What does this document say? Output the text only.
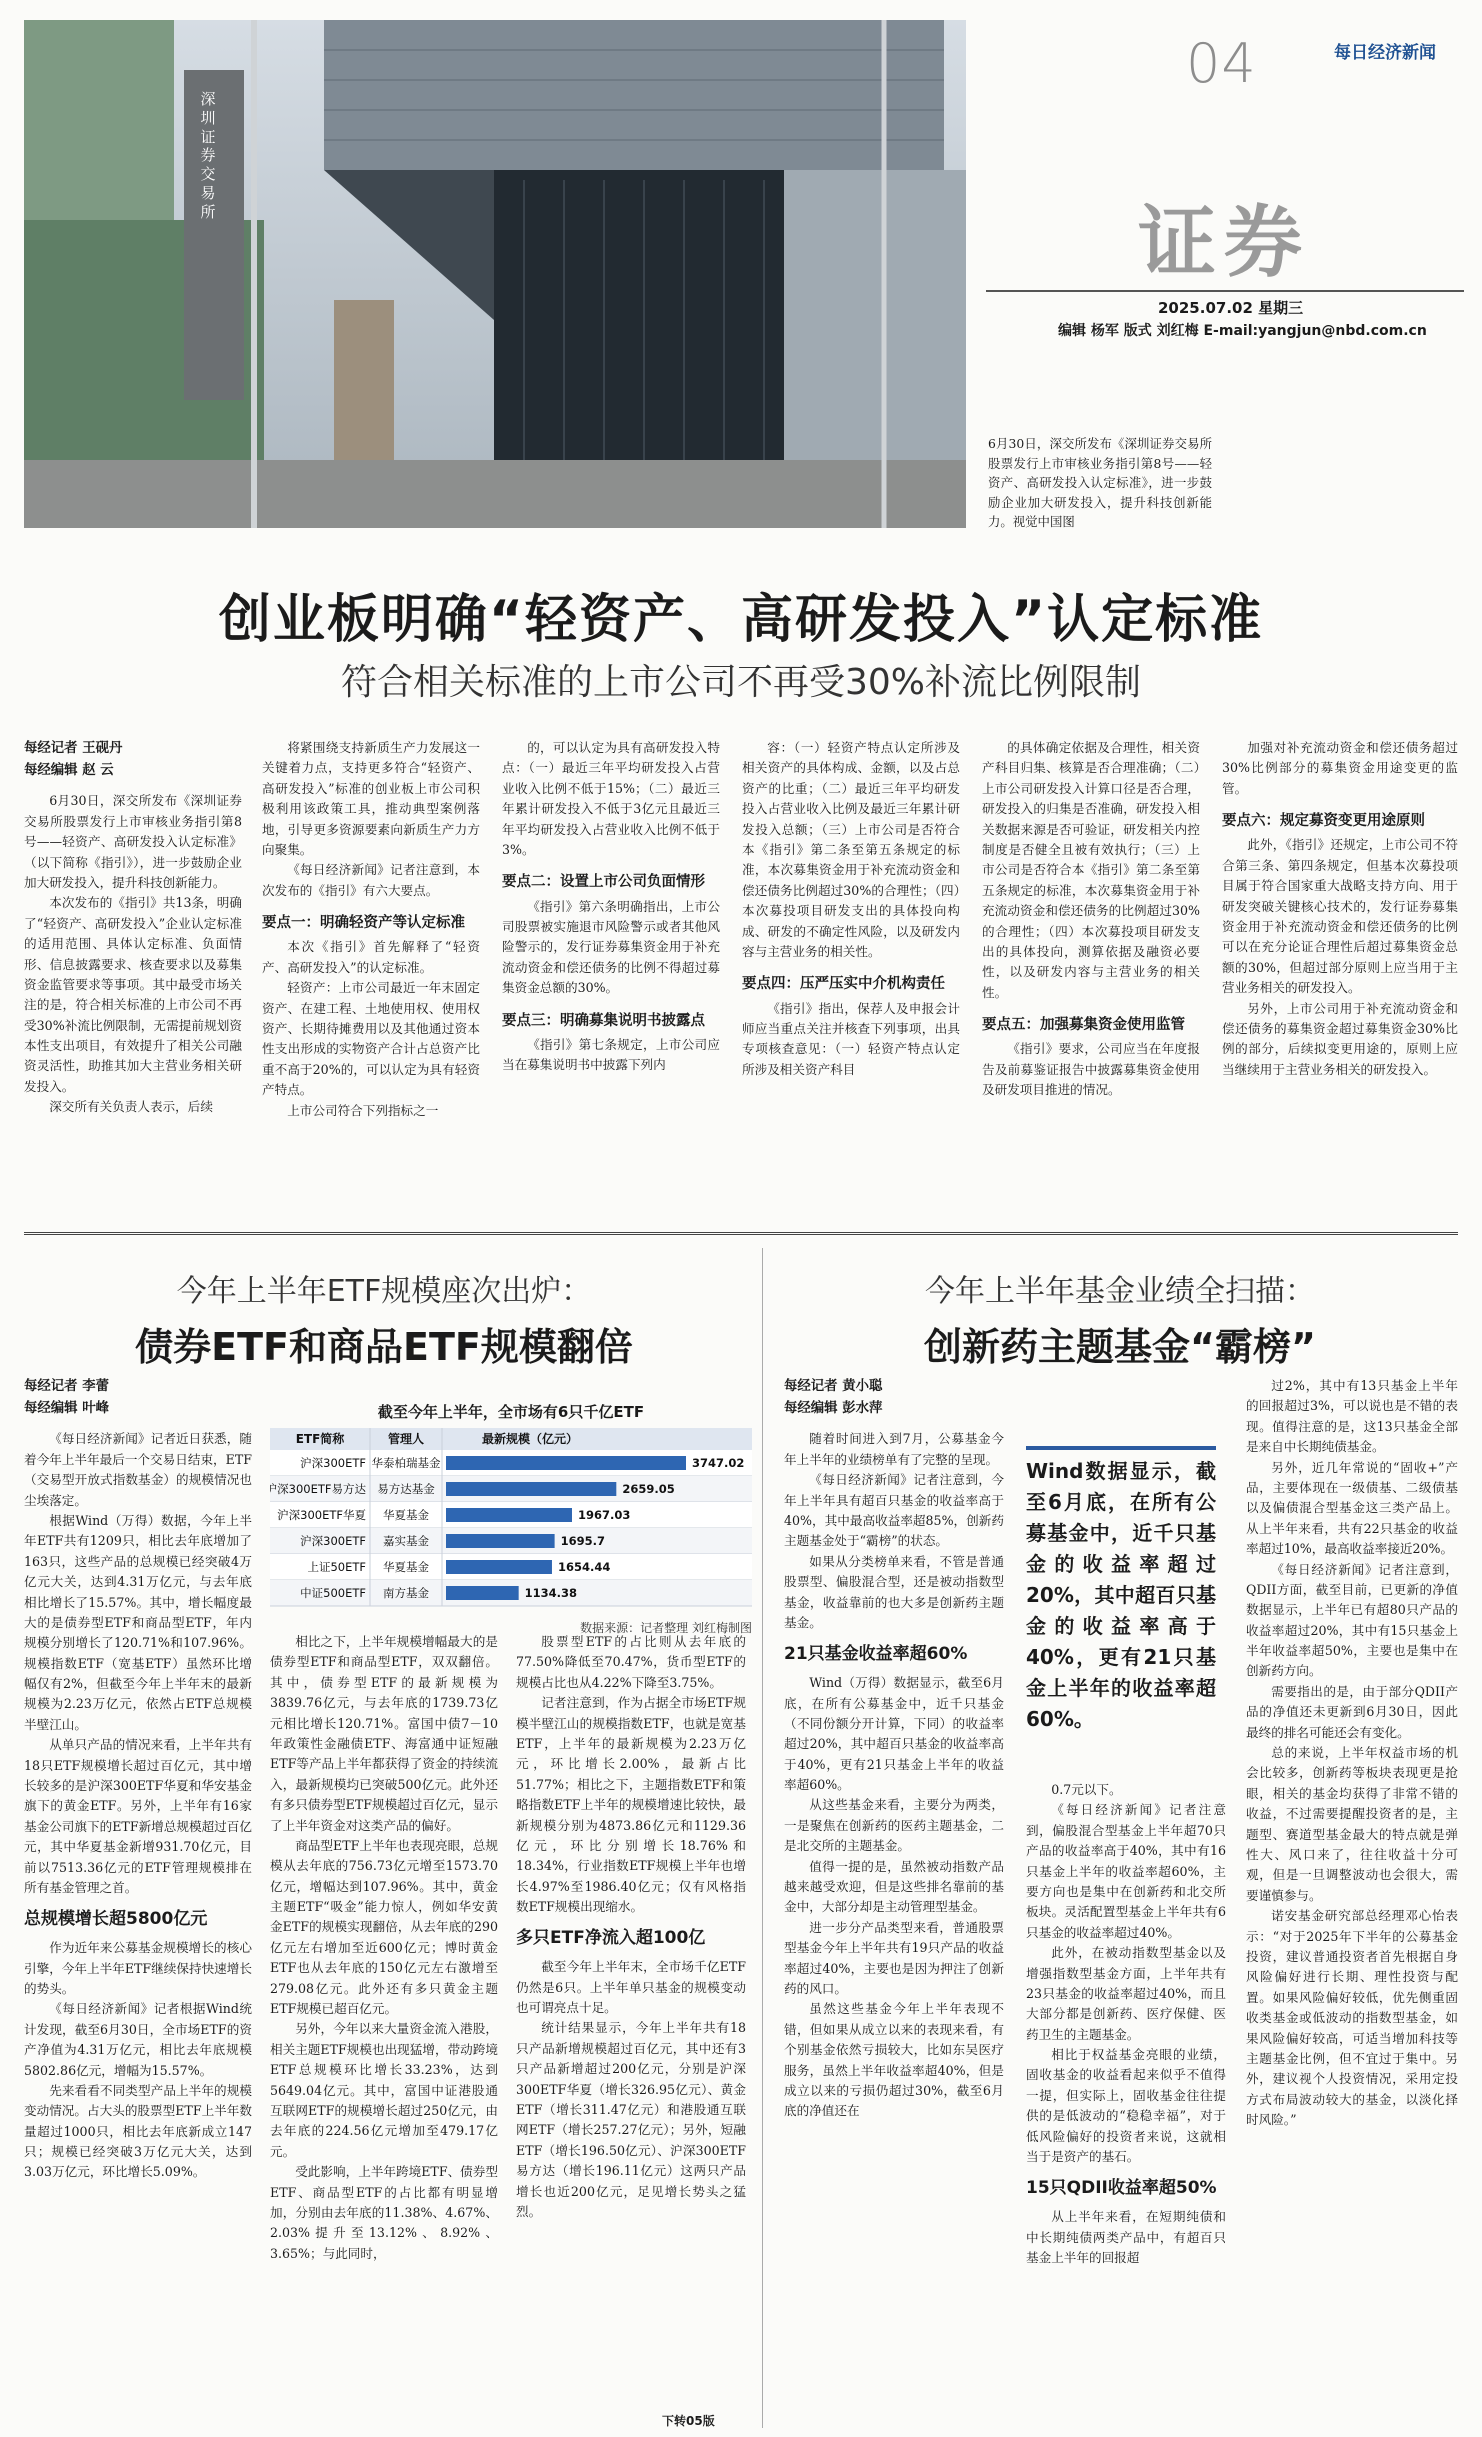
深圳证券交易所
04	每日经济新闻
证券
2025.07.02 星期三
编辑 杨军 版式 刘红梅 E-mail:yangjun@nbd.com.cn
6月30日，深交所发布《深圳证券交易所股票发行上市审核业务指引第8号——轻资产、高研发投入认定标准》，进一步鼓励企业加大研发投入，提升科技创新能力。视觉中国图
创业板明确“轻资产、高研发投入”认定标准
符合相关标准的上市公司不再受30%补流比例限制
每经记者 王砚丹
每经编辑 赵 云

6月30日，深交所发布《深圳证券交易所股票发行上市审核业务指引第8号——轻资产、高研发投入认定标准》（以下简称《指引》），进一步鼓励企业加大研发投入，提升科技创新能力。

本次发布的《指引》共13条，明确了“轻资产、高研发投入”企业认定标准的适用范围、具体认定标准、负面情形、信息披露要求、核查要求以及募集资金监管要求等事项。其中最受市场关注的是，符合相关标准的上市公司不再受30%补流比例限制，无需提前规划资本性支出项目，有效提升了相关公司融资灵活性，助推其加大主营业务相关研发投入。

深交所有关负责人表示，后续

将紧围绕支持新质生产力发展这一关键着力点，支持更多符合“轻资产、高研发投入”标准的创业板上市公司积极利用该政策工具，推动典型案例落地，引导更多资源要素向新质生产力方向聚集。

《每日经济新闻》记者注意到，本次发布的《指引》有六大要点。

要点一：明确轻资产等认定标准

本次《指引》首先解释了“轻资产、高研发投入”的认定标准。

轻资产：上市公司最近一年末固定资产、在建工程、土地使用权、使用权资产、长期待摊费用以及其他通过资本性支出形成的实物资产合计占总资产比重不高于20%的，可以认定为具有轻资产特点。

上市公司符合下列指标之一

的，可以认定为具有高研发投入特点：（一）最近三年平均研发投入占营业收入比例不低于15%；（二）最近三年累计研发投入不低于3亿元且最近三年平均研发投入占营业收入比例不低于3%。

要点二：设置上市公司负面情形

《指引》第六条明确指出，上市公司股票被实施退市风险警示或者其他风险警示的，发行证券募集资金用于补充流动资金和偿还债务的比例不得超过募集资金总额的30%。

要点三：明确募集说明书披露点

《指引》第七条规定，上市公司应当在募集说明书中披露下列内

容：（一）轻资产特点认定所涉及相关资产的具体构成、金额，以及占总资产的比重；（二）最近三年平均研发投入占营业收入比例及最近三年累计研发投入总额；（三）上市公司是否符合本《指引》第二条至第五条规定的标准，本次募集资金用于补充流动资金和偿还债务比例超过30%的合理性；（四）本次募投项目研发支出的具体投向构成、研发的不确定性风险，以及研发内容与主营业务的相关性。

要点四：压严压实中介机构责任

《指引》指出，保荐人及申报会计师应当重点关注并核查下列事项，出具专项核查意见：（一）轻资产特点认定所涉及相关资产科目

的具体确定依据及合理性，相关资产科目归集、核算是否合理准确；（二）上市公司研发投入计算口径是否合理，研发投入的归集是否准确，研发投入相关数据来源是否可验证，研发相关内控制度是否健全且被有效执行；（三）上市公司是否符合本《指引》第二条至第五条规定的标准，本次募集资金用于补充流动资金和偿还债务的比例超过30%的合理性；（四）本次募投项目研发支出的具体投向，测算依据及融资必要性，以及研发内容与主营业务的相关性。

要点五：加强募集资金使用监管

《指引》要求，公司应当在年度报告及前募鉴证报告中披露募集资金使用及研发项目推进的情况。

加强对补充流动资金和偿还债务超过30%比例部分的募集资金用途变更的监管。

要点六：规定募资变更用途原则

此外，《指引》还规定，上市公司不符合第三条、第四条规定，但基本次募投项目属于符合国家重大战略支持方向、用于研发突破关键核心技术的，发行证券募集资金用于补充流动资金和偿还债务的比例可以在充分论证合理性后超过募集资金总额的30%，但超过部分原则上应当用于主营业务相关的研发投入。

另外，上市公司用于补充流动资金和偿还债务的募集资金超过募集资金30%比例的部分，后续拟变更用途的，原则上应当继续用于主营业务相关的研发投入。

今年上半年ETF规模座次出炉：
债券ETF和商品ETF规模翻倍
每经记者 李蕾
每经编辑 叶峰

《每日经济新闻》记者近日获悉，随着今年上半年最后一个交易日结束，ETF（交易型开放式指数基金）的规模情况也尘埃落定。

根据Wind（万得）数据，今年上半年ETF共有1209只，相比去年底增加了163只，这些产品的总规模已经突破4万亿元大关，达到4.31万亿元，与去年底相比增长了15.57%。其中，增长幅度最大的是债券型ETF和商品型ETF，年内规模分别增长了120.71%和107.96%。规模指数ETF（宽基ETF）虽然环比增幅仅有2%，但截至今年上半年末的最新规模为2.23万亿元，依然占ETF总规模半壁江山。

从单只产品的情况来看，上半年共有18只ETF规模增长超过百亿元，其中增长较多的是沪深300ETF华夏和华安基金旗下的黄金ETF。另外，上半年有16家基金公司旗下的ETF新增总规模超过百亿元，其中华夏基金新增931.70亿元，目前以7513.36亿元的ETF管理规模排在所有基金管理之首。

总规模增长超5800亿元

作为近年来公募基金规模增长的核心引擎，今年上半年ETF继续保持快速增长的势头。

《每日经济新闻》记者根据Wind统计发现，截至6月30日，全市场ETF的资产净值为4.31万亿元，相比去年底规模5802.86亿元，增幅为15.57%。

先来看看不同类型产品上半年的规模变动情况。占大头的股票型ETF上半年数量超过1000只，相比去年底新成立147只；规模已经突破3万亿元大关，达到3.03万亿元，环比增长5.09%。

截至今年上半年，全市场有6只千亿ETF
ETF简称	管理人	最新规模（亿元）
沪深300ETF 华泰柏瑞基金	3747.02
沪深300ETF易方达 易方达基金	2659.05
沪深300ETF华夏 华夏基金	1967.03
沪深300ETF 嘉实基金	1695.7
上证50ETF 华夏基金	1654.44
中证500ETF 南方基金	1134.38
数据来源：记者整理 刘红梅制图

相比之下，上半年规模增幅最大的是债券型ETF和商品型ETF，双双翻倍。其中，债券型ETF的最新规模为3839.76亿元，与去年底的1739.73亿元相比增长120.71%。富国中债7－10年政策性金融债ETF、海富通中证短融ETF等产品上半年都获得了资金的持续流入，最新规模均已突破500亿元。此外还有多只债券型ETF规模超过百亿元，显示了上半年资金对这类产品的偏好。

商品型ETF上半年也表现亮眼，总规模从去年底的756.73亿元增至1573.70亿元，增幅达到107.96%。其中，黄金主题ETF“吸金”能力惊人，例如华安黄金ETF的规模实现翻倍，从去年底的290亿元左右增加至近600亿元；博时黄金ETF也从去年底的150亿元左右激增至279.08亿元。此外还有多只黄金主题ETF规模已超百亿元。

另外，今年以来大量资金流入港股，相关主题ETF规模也出现猛增，带动跨境ETF总规模环比增长33.23%，达到5649.04亿元。其中，富国中证港股通互联网ETF的规模增长超过250亿元，由去年底的224.56亿元增加至479.17亿元。

受此影响，上半年跨境ETF、债券型ETF、商品型ETF的占比都有明显增加，分别由去年底的11.38%、4.67%、2.03%提升至13.12%、8.92%、3.65%；与此同时，

股票型ETF的占比则从去年底的77.50%降低至70.47%，货币型ETF的规模占比也从4.22%下降至3.75%。

记者注意到，作为占据全市场ETF规模半壁江山的规模指数ETF，也就是宽基ETF，上半年的最新规模为2.23万亿元，环比增长2.00%，最新占比51.77%；相比之下，主题指数ETF和策略指数ETF上半年的规模增速比较快，最新规模分别为4873.86亿元和1129.36亿元，环比分别增长18.76%和18.34%，行业指数ETF规模上半年也增长4.97%至1986.40亿元；仅有风格指数ETF规模出现缩水。

多只ETF净流入超100亿

截至今年上半年末，全市场千亿ETF仍然是6只。上半年单只基金的规模变动也可谓亮点十足。

统计结果显示，今年上半年共有18只产品新增规模超过百亿元，其中还有3只产品新增超过200亿元，分别是沪深300ETF华夏（增长326.95亿元）、黄金ETF（增长311.47亿元）和港股通互联网ETF（增长257.27亿元）；另外，短融ETF（增长196.50亿元）、沪深300ETF易方达（增长196.11亿元）这两只产品增长也近200亿元，足见增长势头之猛烈。

下转05版
今年上半年基金业绩全扫描：
创新药主题基金“霸榜”
每经记者 黄小聪
每经编辑 彭水萍

随着时间进入到7月，公募基金今年上半年的业绩榜单有了完整的呈现。

《每日经济新闻》记者注意到，今年上半年具有超百只基金的收益率高于40%，其中最高收益率超85%，创新药主题基金处于“霸榜”的状态。

如果从分类榜单来看，不管是普通股票型、偏股混合型，还是被动指数型基金，收益靠前的也大多是创新药主题基金。

21只基金收益率超60%

Wind（万得）数据显示，截至6月底，在所有公募基金中，近千只基金（不同份额分开计算，下同）的收益率超过20%，其中超百只基金的收益率高于40%，更有21只基金上半年的收益率超60%。

从这些基金来看，主要分为两类，一是聚焦在创新药的医药主题基金，二是北交所的主题基金。

值得一提的是，虽然被动指数产品越来越受欢迎，但是这些排名靠前的基金中，大部分却是主动管理型基金。

进一步分产品类型来看，普通股票型基金今年上半年共有19只产品的收益率超过40%，主要也是因为押注了创新药的风口。

虽然这些基金今年上半年表现不错，但如果从成立以来的表现来看，有个别基金依然亏损较大，比如东吴医疗服务，虽然上半年收益率超40%，但是成立以来的亏损仍超过30%，截至6月底的净值还在

Wind数据显示，截至6月底，在所有公募基金中，近千只基金的收益率超过20%，其中超百只基金的收益率高于40%，更有21只基金上半年的收益率超60%。

0.7元以下。

《每日经济新闻》记者注意到，偏股混合型基金上半年超70只产品的收益率高于40%，其中有16只基金上半年的收益率超60%，主要方向也是集中在创新药和北交所板块。灵活配置型基金上半年共有6只基金的收益率超过40%。

此外，在被动指数型基金以及增强指数型基金方面，上半年共有23只基金的收益率超过40%，而且大部分都是创新药、医疗保健、医药卫生的主题基金。

相比于权益基金亮眼的业绩，固收基金的收益看起来似乎不值得一提，但实际上，固收基金往往提供的是低波动的“稳稳幸福”，对于低风险偏好的投资者来说，这就相当于是资产的基石。

15只QDII收益率超50%

从上半年来看，在短期纯债和中长期纯债两类产品中，有超百只基金上半年的回报超

过2%，其中有13只基金上半年的回报超过3%，可以说也是不错的表现。值得注意的是，这13只基金全部是来自中长期纯债基金。

另外，近几年常说的“固收+”产品，主要体现在一级债基、二级债基以及偏债混合型基金这三类产品上。从上半年来看，共有22只基金的收益率超过10%，最高收益率接近20%。

《每日经济新闻》记者注意到，QDII方面，截至目前，已更新的净值数据显示，上半年已有超80只产品的收益率超过20%，其中有15只基金上半年收益率超50%，主要也是集中在创新药方向。

需要指出的是，由于部分QDII产品的净值还未更新到6月30日，因此最终的排名可能还会有变化。

总的来说，上半年权益市场的机会比较多，创新药等板块表现更是抢眼，相关的基金均获得了非常不错的收益，不过需要提醒投资者的是，主题型、赛道型基金最大的特点就是弹性大、风口来了，往往收益十分可观，但是一旦调整波动也会很大，需要谨慎参与。

诺安基金研究部总经理邓心怡表示：“对于2025年下半年的公募基金投资，建议普通投资者首先根据自身风险偏好进行长期、理性投资与配置。如果风险偏好较低，优先侧重固收类基金或低波动的指数型基金，如果风险偏好较高，可适当增加科技等主题基金比例，但不宜过于集中。另外，建议视个人投资情况，采用定投方式布局波动较大的基金，以淡化择时风险。”
